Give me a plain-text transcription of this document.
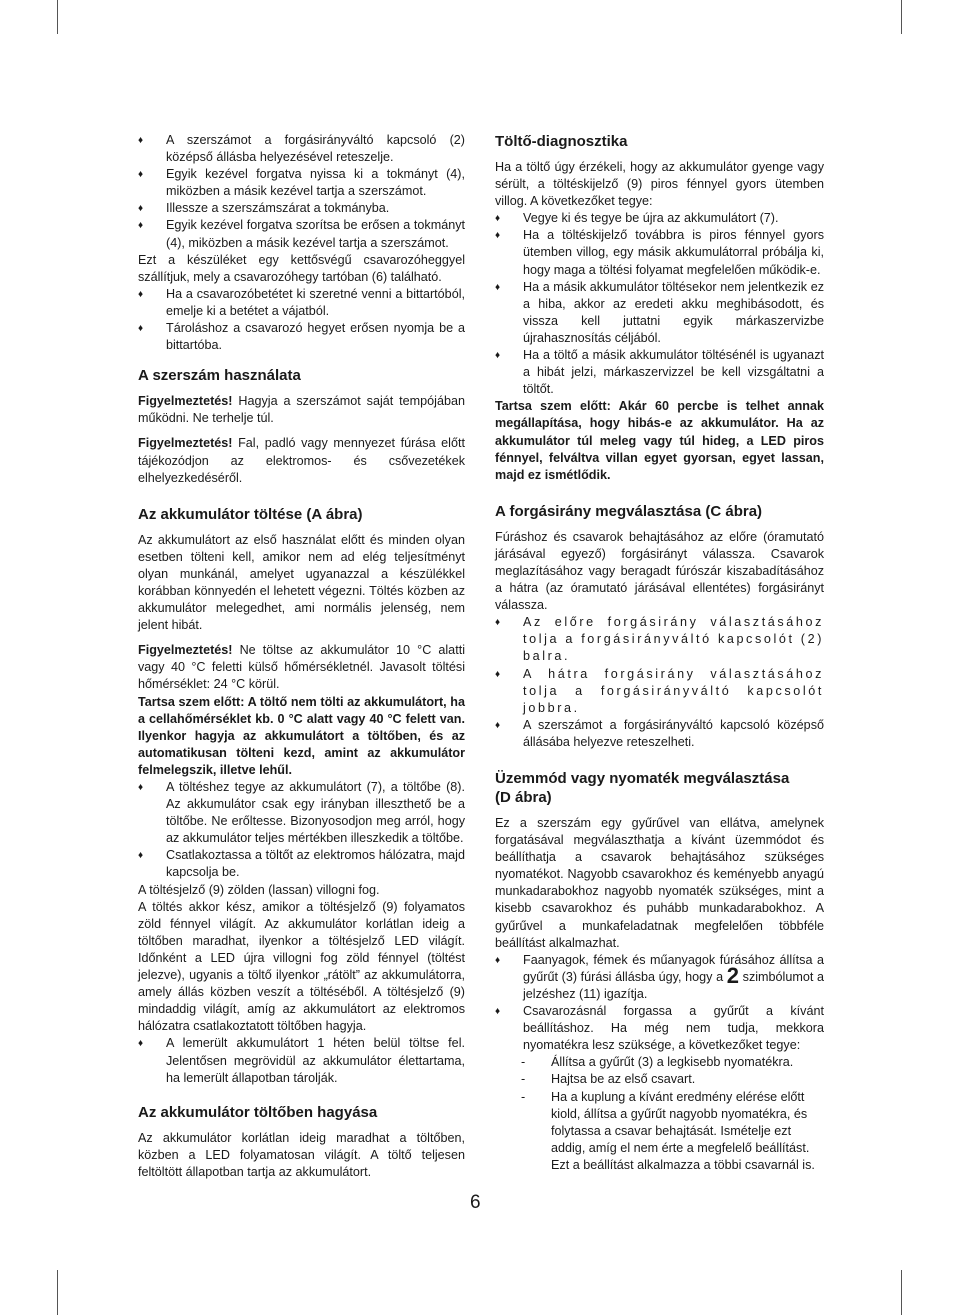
♦ A szerszámot a forgásirányváltó kapcsoló (2) középső állásba helyezésével reteszelje.
♦ Egyik kezével forgatva nyissa ki a tokmányt (4), miközben a másik kezével tartja a szerszámot.
♦ Illessze a szerszámszárat a tokmányba.
♦ Egyik kezével forgatva szorítsa be erősen a tokmányt (4), miközben a másik kezével tartja a szerszámot.

Ezt a készüléket egy kettősvégű csavarozóheggyel szállítjuk, mely a csavarozóhegy tartóban (6) található.

♦ Ha a csavarozóbetétet ki szeretné venni a bittartóból, emelje ki a betétet a vájatból.
♦ Tároláshoz a csavarozó hegyet erősen nyomja be a bittartóba.
A szerszám használata

Figyelmeztetés! Hagyja a szerszámot saját tempójában működni. Ne terhelje túl.

Figyelmeztetés! Fal, padló vagy mennyezet fúrása előtt tájékozódjon az elektromos- és csővezetékek elhelyezkedéséről.

Az akkumulátor töltése (A ábra)

Az akkumulátort az első használat előtt és minden olyan esetben tölteni kell, amikor nem ad elég teljesítményt olyan munkánál, amelyet ugyanazzal a készülékkel korábban könnyedén el lehetett végezni. Töltés közben az akkumulátor melegedhet, ami normális jelenség, nem jelent hibát.

Figyelmeztetés! Ne töltse az akkumulátor 10 °C alatti vagy 40 °C feletti külső hőmérsékletnél. Javasolt töltési hőmérséklet: 24 °C körül.

Tartsa szem előtt: A töltő nem tölti az akkumulátort, ha a cellahőmérséklet kb. 0 °C alatt vagy 40 °C felett van. Ilyenkor hagyja az akkumulátort a töltőben, és az automatikusan tölteni kezd, amint az akkumulátor felmelegszik, illetve lehűl.

♦ A töltéshez tegye az akkumulátort (7), a töltőbe (8). Az akkumulátor csak egy irányban illeszthető be a töltőbe. Ne erőltesse. Bizonyosodjon meg arról, hogy az akkumulátor teljes mértékben illeszkedik a töltőbe.
♦ Csatlakoztassa a töltőt az elektromos hálózatra, majd kapcsolja be.

A töltésjelző (9) zölden (lassan) villogni fog.

A töltés akkor kész, amikor a töltésjelző (9) folyamatos zöld fénnyel világít. Az akkumulátor korlátlan ideig a töltőben maradhat, ilyenkor a töltésjelző LED világít. Időnként a LED újra villogni fog zöld fénnyel (töltést jelezve), ugyanis a töltő ilyenkor „rátölt” az akkumulátorra, amely állás közben veszít a töltéséből. A töltésjelző (9) mindaddig világít, amíg az akkumulátort az elektromos hálózatra csatlakoztatott töltőben hagyja.

♦ A lemerült akkumulátort 1 héten belül töltse fel. Jelentősen megrövidül az akkumulátor élettartama, ha lemerült állapotban tárolják.
Az akkumulátor töltőben hagyása

Az akkumulátor korlátlan ideig maradhat a töltőben, közben a LED folyamatosan világít. A töltő teljesen feltöltött állapotban tartja az akkumulátort.

Töltő-diagnosztika

Ha a töltő úgy érzékeli, hogy az akkumulátor gyenge vagy sérült, a töltéskijelző (9) piros fénnyel gyors ütemben villog. A következőket tegye:

♦ Vegye ki és tegye be újra az akkumulátort (7).
♦ Ha a töltéskijelző továbbra is piros fénnyel gyors ütemben villog, egy másik akkumulátorral próbálja ki, hogy maga a töltési folyamat megfelelően működik-e.
♦ Ha a másik akkumulátor töltésekor nem jelentkezik ez a hiba, akkor az eredeti akku meghibásodott, és vissza kell juttatni egyik márkaszervizbe újrahasznosítás céljából.
♦ Ha a töltő a másik akkumulátor töltésénél is ugyanazt a hibát jelzi, márkaszervizzel be kell vizsgáltatni a töltőt.

Tartsa szem előtt: Akár 60 percbe is telhet annak megállapítása, hogy hibás-e az akkumulátor. Ha az akkumulátor túl meleg vagy túl hideg, a LED piros fénnyel, felváltva villan egyet gyorsan, egyet lassan, majd ez ismétlődik.

A forgásirány megválasztása (C ábra)

Fúráshoz és csavarok behajtásához az előre (óramutató járásával egyező) forgásirányt válassza. Csavarok meglazításához vagy beragadt fúrószár kiszabadításához a hátra (az óramutató járásával ellentétes) forgásirányt válassza.

♦ Az előre forgásirány választásához tolja a forgásirányváltó kapcsolót (2) balra.
♦ A hátra forgásirány választásához tolja a forgásirányváltó kapcsolót jobbra.
♦ A szerszámot a forgásirányváltó kapcsoló középső állásába helyezve reteszelheti.
Üzemmód vagy nyomaték megválasztása
(D ábra)

Ez a szerszám egy gyűrűvel van ellátva, amelynek forgatásával megválaszthatja a kívánt üzemmódot és beállíthatja a csavarok behajtásához szükséges nyomatékot. Nagyobb csavarokhoz és keményebb anyagú munkadarabokhoz nagyobb nyomaték szükséges, mint a kisebb csavarokhoz és puhább munkadarabokhoz. A gyűrűvel a munkafeladatnak megfelelően többféle beállítást alkalmazhat.

♦ Faanyagok, fémek és műanyagok fúrásához állítsa a gyűrűt (3) fúrási állásba úgy, hogy a 2 szimbólumot a jelzéshez (11) igazítja.
♦ Csavarozásnál forgassa a gyűrűt a kívánt beállításhoz. Ha még nem tudja, mekkora nyomatékra lesz szüksége, a következőket tegye:
- Állítsa a gyűrűt (3) a legkisebb nyomatékra.
- Hajtsa be az első csavart.
- Ha a kuplung a kívánt eredmény elérése előtt kiold, állítsa a gyűrűt nagyobb nyomatékra, és folytassa a csavar behajtását. Ismételje ezt addig, amíg el nem érte a megfelelő beállítást. Ezt a beállítást alkalmazza a többi csavarnál is.
6
